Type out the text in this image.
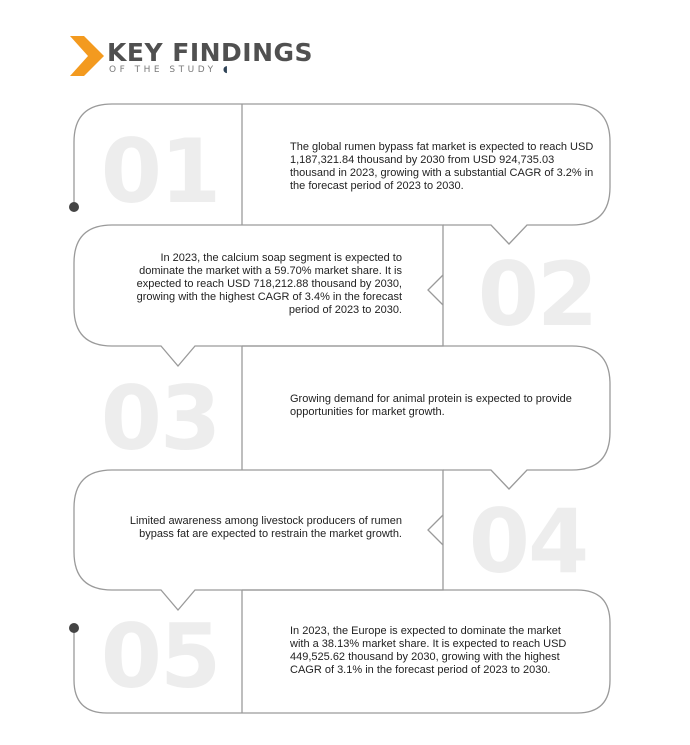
KEY FINDINGS
OF THE STUDY ◖
01	The global rumen bypass fat market is expected to reach USD 1,187,321.84 thousand by 2030 from USD 924,735.03 thousand in 2023, growing with a substantial CAGR of 3.2% in the forecast period of 2023 to 2030.
02
In 2023, the calcium soap segment is expected to dominate the market with a 59.70% market share. It is expected to reach USD 718,212.88 thousand by 2030, growing with the highest CAGR of 3.4% in the forecast period of 2023 to 2030.
03	Growing demand for animal protein is expected to provide opportunities for market growth.
04
Limited awareness among livestock producers of rumen bypass fat are expected to restrain the market growth.
05	In 2023, the Europe is expected to dominate the market with a 38.13% market share. It is expected to reach USD 449,525.62 thousand by 2030, growing with the highest CAGR of 3.1% in the forecast period of 2023 to 2030.
